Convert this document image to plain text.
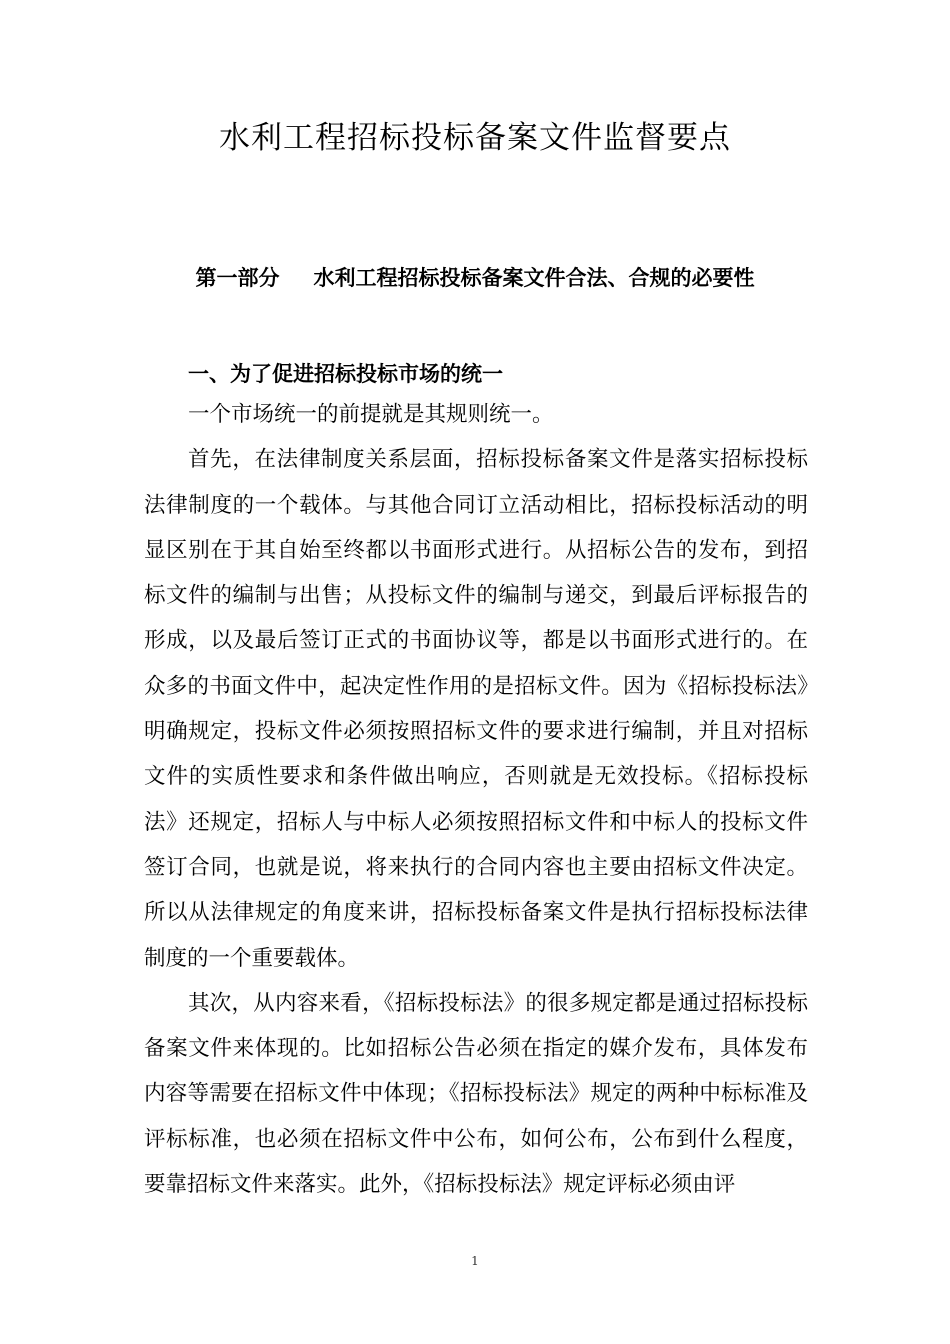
水利工程招标投标备案文件监督要点
第一部分 水利工程招标投标备案文件合法、合规的必要性
一、为了促进招标投标市场的统一

一个市场统一的前提就是其规则统一。

首先，在法律制度关系层面，招标投标备案文件是落实招标投标法律制度的一个载体。与其他合同订立活动相比，招标投标活动的明显区别在于其自始至终都以书面形式进行。从招标公告的发布，到招标文件的编制与出售；从投标文件的编制与递交，到最后评标报告的形成，以及最后签订正式的书面协议等，都是以书面形式进行的。在众多的书面文件中，起决定性作用的是招标文件。因为《招标投标法》明确规定，投标文件必须按照招标文件的要求进行编制，并且对招标文件的实质性要求和条件做出响应，否则就是无效投标。《招标投标法》还规定，招标人与中标人必须按照招标文件和中标人的投标文件签订合同，也就是说，将来执行的合同内容也主要由招标文件决定。所以从法律规定的角度来讲，招标投标备案文件是执行招标投标法律制度的一个重要载体。

其次，从内容来看，《招标投标法》的很多规定都是通过招标投标备案文件来体现的。比如招标公告必须在指定的媒介发布，具体发布内容等需要在招标文件中体现；《招标投标法》规定的两种中标标准及评标标准，也必须在招标文件中公布，如何公布，公布到什么程度，要靠招标文件来落实。此外，《招标投标法》规定评标必须由评

1
